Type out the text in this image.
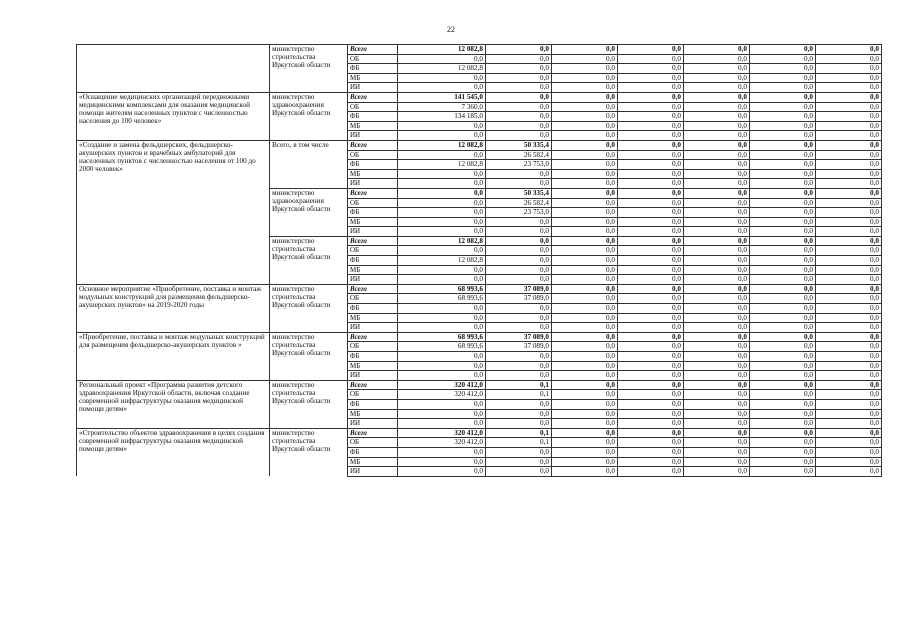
22
	министерство строительства Иркутской области	Всего	12 082,8	0,0	0,0	0,0	0,0	0,0	0,0
		ОБ	0,0	0,0	0,0	0,0	0,0	0,0	0,0
		ФБ	12 082,8	0,0	0,0	0,0	0,0	0,0	0,0
		МБ	0,0	0,0	0,0	0,0	0,0	0,0	0,0
		ИИ	0,0	0,0	0,0	0,0	0,0	0,0	0,0
«Оснащение медицинских организаций передвижными медицинскими комплексами для оказания медицинской помощи жителям населенных пунктов с численностью населения до 100 человек»	министерство здравоохранения Иркутской области	Всего	141 545,0	0,0	0,0	0,0	0,0	0,0	0,0
		ОБ	7 360,0	0,0	0,0	0,0	0,0	0,0	0,0
		ФБ	134 185,0	0,0	0,0	0,0	0,0	0,0	0,0
		МБ	0,0	0,0	0,0	0,0	0,0	0,0	0,0
		ИИ	0,0	0,0	0,0	0,0	0,0	0,0	0,0
«Создание и замена фельдшерских, фельдшерско-акушерских пунктов и врачебных амбулаторий для населенных пунктов с численностью населения от 100 до 2000 человек»	Всего, в том числе	Всего	12 082,8	50 335,4	0,0	0,0	0,0	0,0	0,0
		ОБ	0,0	26 582,4	0,0	0,0	0,0	0,0	0,0
		ФБ	12 082,8	23 753,0	0,0	0,0	0,0	0,0	0,0
		МБ	0,0	0,0	0,0	0,0	0,0	0,0	0,0
		ИИ	0,0	0,0	0,0	0,0	0,0	0,0	0,0
	министерство здравоохранения Иркутской области	Всего	0,0	50 335,4	0,0	0,0	0,0	0,0	0,0
		ОБ	0,0	26 582,4	0,0	0,0	0,0	0,0	0,0
		ФБ	0,0	23 753,0	0,0	0,0	0,0	0,0	0,0
		МБ	0,0	0,0	0,0	0,0	0,0	0,0	0,0
		ИИ	0,0	0,0	0,0	0,0	0,0	0,0	0,0
	министерство строительства Иркутской области	Всего	12 082,8	0,0	0,0	0,0	0,0	0,0	0,0
		ОБ	0,0	0,0	0,0	0,0	0,0	0,0	0,0
		ФБ	12 082,8	0,0	0,0	0,0	0,0	0,0	0,0
		МБ	0,0	0,0	0,0	0,0	0,0	0,0	0,0
		ИИ	0,0	0,0	0,0	0,0	0,0	0,0	0,0
Основное мероприятие «Приобретение, поставка и монтаж модульных конструкций для размещения фельдшерско-акушерских пунктов» на 2019-2020 годы	министерство строительства Иркутской области	Всего	68 993,6	37 089,0	0,0	0,0	0,0	0,0	0,0
		ОБ	68 993,6	37 089,0	0,0	0,0	0,0	0,0	0,0
		ФБ	0,0	0,0	0,0	0,0	0,0	0,0	0,0
		МБ	0,0	0,0	0,0	0,0	0,0	0,0	0,0
		ИИ	0,0	0,0	0,0	0,0	0,0	0,0	0,0
«Приобретение, поставка и монтаж модульных конструкций для размещения фельдшерско-акушерских пунктов »	министерство строительства Иркутской области	Всего	68 993,6	37 089,0	0,0	0,0	0,0	0,0	0,0
		ОБ	68 993,6	37 089,0	0,0	0,0	0,0	0,0	0,0
		ФБ	0,0	0,0	0,0	0,0	0,0	0,0	0,0
		МБ	0,0	0,0	0,0	0,0	0,0	0,0	0,0
		ИИ	0,0	0,0	0,0	0,0	0,0	0,0	0,0
Региональный проект «Программа развития детского здравоохранения Иркутской области, включая создание современной инфраструктуры оказания медицинской помощи детям»	министерство строительства Иркутской области	Всего	320 412,0	0,1	0,0	0,0	0,0	0,0	0,0
		ОБ	320 412,0	0,1	0,0	0,0	0,0	0,0	0,0
		ФБ	0,0	0,0	0,0	0,0	0,0	0,0	0,0
		МБ	0,0	0,0	0,0	0,0	0,0	0,0	0,0
		ИИ	0,0	0,0	0,0	0,0	0,0	0,0	0,0
«Строительство объектов здравоохранения в целях создания современной инфраструктуры оказания медицинской помощи детям»	министерство строительства Иркутской области	Всего	320 412,0	0,1	0,0	0,0	0,0	0,0	0,0
		ОБ	320 412,0	0,1	0,0	0,0	0,0	0,0	0,0
		ФБ	0,0	0,0	0,0	0,0	0,0	0,0	0,0
		МБ	0,0	0,0	0,0	0,0	0,0	0,0	0,0
		ИИ	0,0	0,0	0,0	0,0	0,0	0,0	0,0
